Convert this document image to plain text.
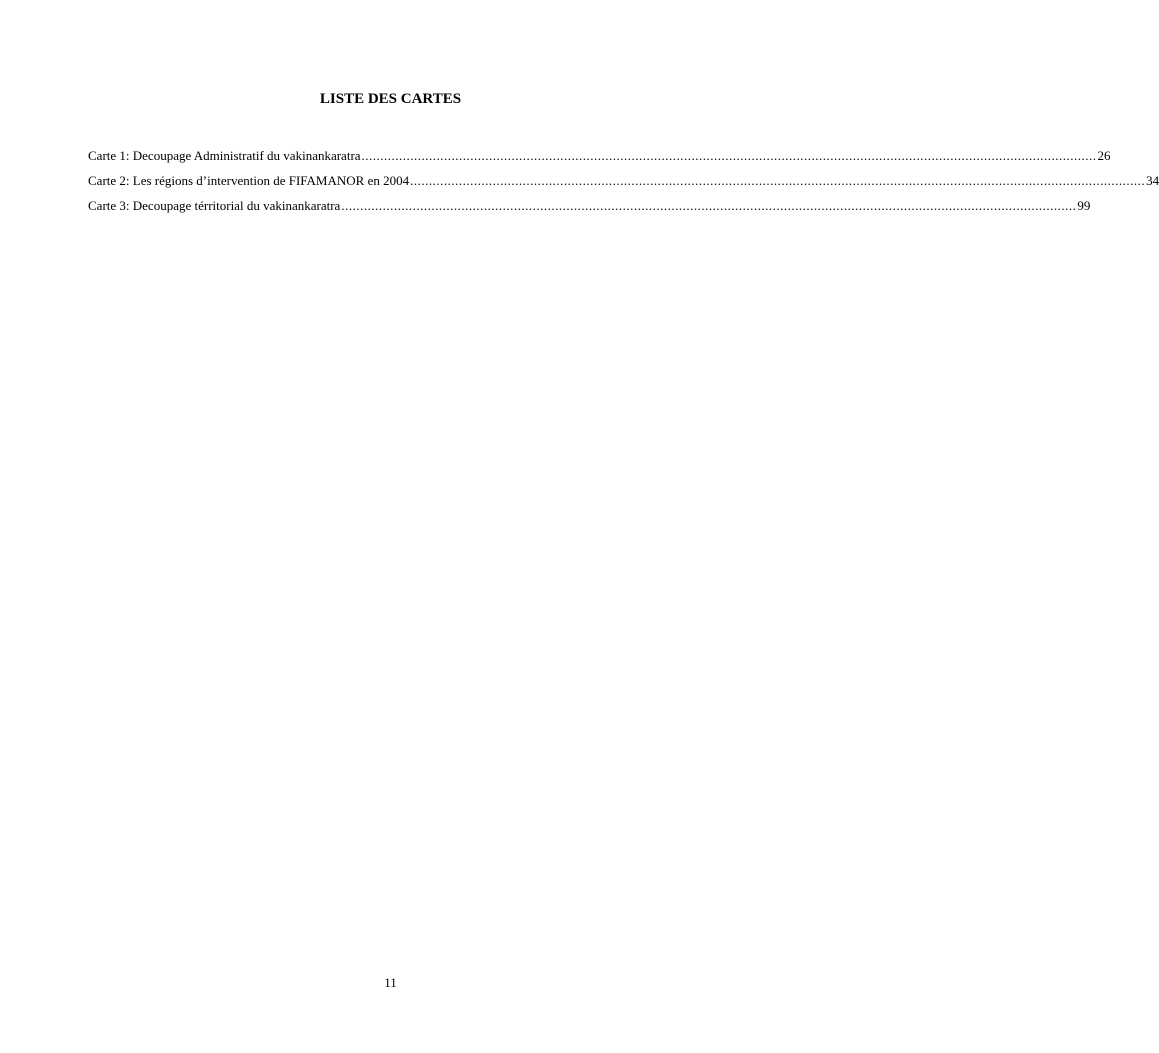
LISTE DES CARTES
Carte 1: Decoupage Administratif du vakinankaratra .................................................................................................................................................................................................... 26
Carte 2: Les régions d’intervention de FIFAMANOR en 2004 .................................................................................................................................................................................................... 34
Carte 3: Decoupage térritorial du vakinankaratra .................................................................................................................................................................................................... 99
11
